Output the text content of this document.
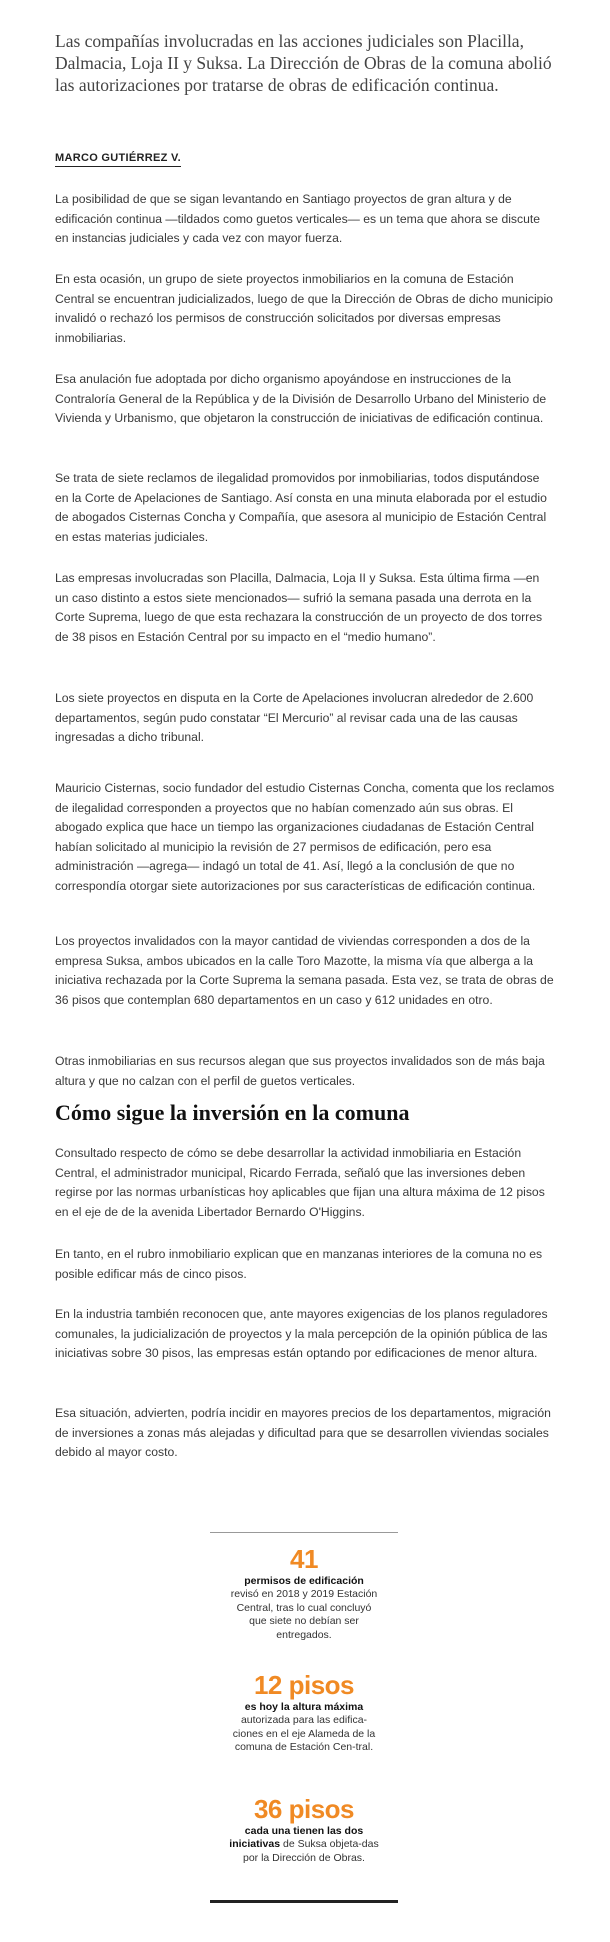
Las compañías involucradas en las acciones judiciales son Placilla, Dalmacia, Loja II y Suksa. La Dirección de Obras de la comuna abolió las autorizaciones por tratarse de obras de edificación continua.

MARCO GUTIÉRREZ V.

La posibilidad de que se sigan levantando en Santiago proyectos de gran altura y de edificación continua —tildados como guetos verticales— es un tema que ahora se discute en instancias judiciales y cada vez con mayor fuerza.

En esta ocasión, un grupo de siete proyectos inmobiliarios en la comuna de Estación Central se encuentran judicializados, luego de que la Dirección de Obras de dicho municipio invalidó o rechazó los permisos de construcción solicitados por diversas empresas inmobiliarias.

Esa anulación fue adoptada por dicho organismo apoyándose en instrucciones de la Contraloría General de la República y de la División de Desarrollo Urbano del Ministerio de Vivienda y Urbanismo, que objetaron la construcción de iniciativas de edificación continua.

Se trata de siete reclamos de ilegalidad promovidos por inmobiliarias, todos disputándose en la Corte de Apelaciones de Santiago. Así consta en una minuta elaborada por el estudio de abogados Cisternas Concha y Compañía, que asesora al municipio de Estación Central en estas materias judiciales.

Las empresas involucradas son Placilla, Dalmacia, Loja II y Suksa. Esta última firma —en un caso distinto a estos siete mencionados— sufrió la semana pasada una derrota en la Corte Suprema, luego de que esta rechazara la construcción de un proyecto de dos torres de 38 pisos en Estación Central por su impacto en el “medio humano”.

Los siete proyectos en disputa en la Corte de Apelaciones involucran alrededor de 2.600 departamentos, según pudo constatar “El Mercurio” al revisar cada una de las causas ingresadas a dicho tribunal.

Mauricio Cisternas, socio fundador del estudio Cisternas Concha, comenta que los reclamos de ilegalidad corresponden a proyectos que no habían comenzado aún sus obras. El abogado explica que hace un tiempo las organizaciones ciudadanas de Estación Central habían solicitado al municipio la revisión de 27 permisos de edificación, pero esa administración —agrega— indagó un total de 41. Así, llegó a la conclusión de que no correspondía otorgar siete autorizaciones por sus características de edificación continua.

Los proyectos invalidados con la mayor cantidad de viviendas corresponden a dos de la empresa Suksa, ambos ubicados en la calle Toro Mazotte, la misma vía que alberga a la iniciativa rechazada por la Corte Suprema la semana pasada. Esta vez, se trata de obras de 36 pisos que contemplan 680 departamentos en un caso y 612 unidades en otro.

Otras inmobiliarias en sus recursos alegan que sus proyectos invalidados son de más baja altura y que no calzan con el perfil de guetos verticales.

Cómo sigue la inversión en la comuna

Consultado respecto de cómo se debe desarrollar la actividad inmobiliaria en Estación Central, el administrador municipal, Ricardo Ferrada, señaló que las inversiones deben regirse por las normas urbanísticas hoy aplicables que fijan una altura máxima de 12 pisos en el eje de de la avenida Libertador Bernardo O'Higgins.

En tanto, en el rubro inmobiliario explican que en manzanas interiores de la comuna no es posible edificar más de cinco pisos.

En la industria también reconocen que, ante mayores exigencias de los planos reguladores comunales, la judicialización de proyectos y la mala percepción de la opinión pública de las iniciativas sobre 30 pisos, las empresas están optando por edificaciones de menor altura.

Esa situación, advierten, podría incidir en mayores precios de los departamentos, migración de inversiones a zonas más alejadas y dificultad para que se desarrollen viviendas sociales debido al mayor costo.

41
permisos de edificación revisó en 2018 y 2019 Estación Central, tras lo cual concluyó que siete no debían ser entregados.
12 pisos
es hoy la altura máxima autorizada para las edifica-ciones en el eje Alameda de la comuna de Estación Cen-tral.
36 pisos
cada una tienen las dos iniciativas de Suksa objeta-das por la Dirección de Obras.
